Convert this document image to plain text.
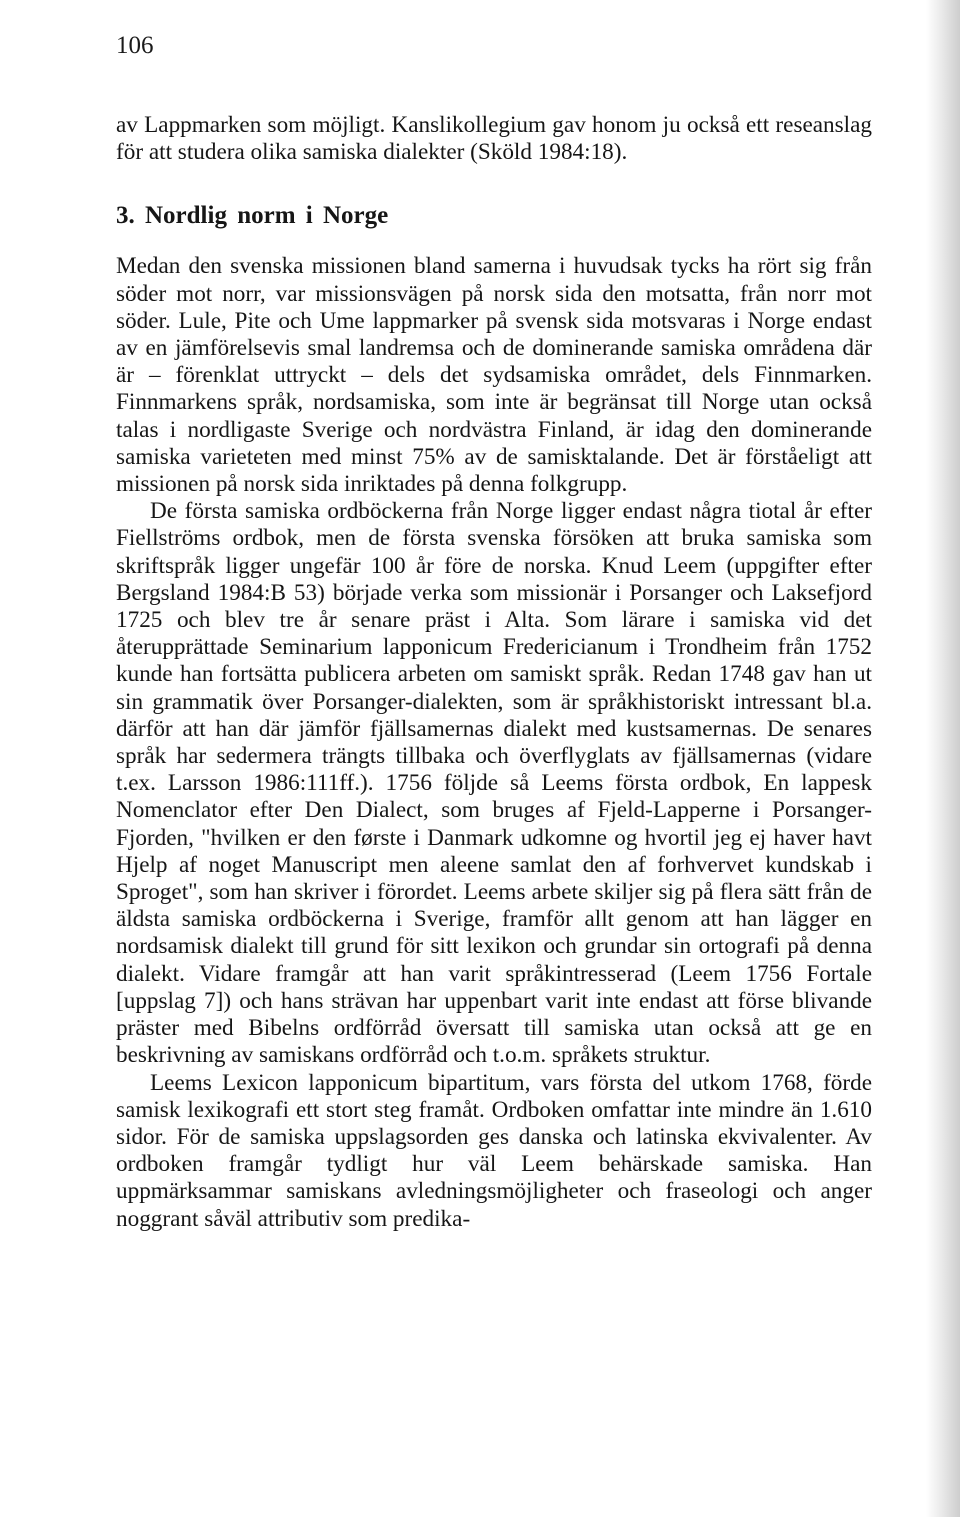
106

av Lappmarken som möjligt. Kanslikollegium gav honom ju också ett reseanslag för att studera olika samiska dialekter (Sköld 1984:18).

3. Nordlig norm i Norge

Medan den svenska missionen bland samerna i huvudsak tycks ha rört sig från söder mot norr, var missionsvägen på norsk sida den motsatta, från norr mot söder. Lule, Pite och Ume lappmarker på svensk sida motsvaras i Norge endast av en jämförelsevis smal landremsa och de dominerande samiska områdena där är – förenklat uttryckt – dels det sydsamiska området, dels Finnmarken. Finnmarkens språk, nordsamiska, som inte är begränsat till Norge utan också talas i nordligaste Sverige och nordvästra Finland, är idag den dominerande samiska varieteten med minst 75% av de samisktalande. Det är förståeligt att missionen på norsk sida inriktades på denna folkgrupp.

De första samiska ordböckerna från Norge ligger endast några tiotal år efter Fiellströms ordbok, men de första svenska försöken att bruka samiska som skriftspråk ligger ungefär 100 år före de norska. Knud Leem (uppgifter efter Bergsland 1984:B 53) började verka som missionär i Porsanger och Laksefjord 1725 och blev tre år senare präst i Alta. Som lärare i samiska vid det återupprättade Seminarium lapponicum Fredericianum i Trondheim från 1752 kunde han fortsätta publicera arbeten om samiskt språk. Redan 1748 gav han ut sin grammatik över Porsanger-dialekten, som är språkhistoriskt intressant bl.a. därför att han där jämför fjällsamernas dialekt med kustsamernas. De senares språk har sedermera trängts tillbaka och överflyglats av fjällsamernas (vidare t.ex. Larsson 1986:111ff.). 1756 följde så Leems första ordbok, En lappesk Nomenclator efter Den Dialect, som bruges af Fjeld-Lapperne i Porsanger-Fjorden, "hvilken er den første i Danmark udkomne og hvortil jeg ej haver havt Hjelp af noget Manuscript men aleene samlat den af forhvervet kundskab i Sproget", som han skriver i förordet. Leems arbete skiljer sig på flera sätt från de äldsta samiska ordböckerna i Sverige, framför allt genom att han lägger en nordsamisk dialekt till grund för sitt lexikon och grundar sin ortografi på denna dialekt. Vidare framgår att han varit språkintresserad (Leem 1756 Fortale [uppslag 7]) och hans strävan har uppenbart varit inte endast att förse blivande präster med Bibelns ordförråd översatt till samiska utan också att ge en beskrivning av samiskans ordförråd och t.o.m. språkets struktur.

Leems Lexicon lapponicum bipartitum, vars första del utkom 1768, förde samisk lexikografi ett stort steg framåt. Ordboken omfattar inte mindre än 1.610 sidor. För de samiska uppslagsorden ges danska och latinska ekvivalenter. Av ordboken framgår tydligt hur väl Leem behärskade samiska. Han uppmärksammar samiskans avledningsmöjligheter och fraseologi och anger noggrant såväl attributiv som predika-
